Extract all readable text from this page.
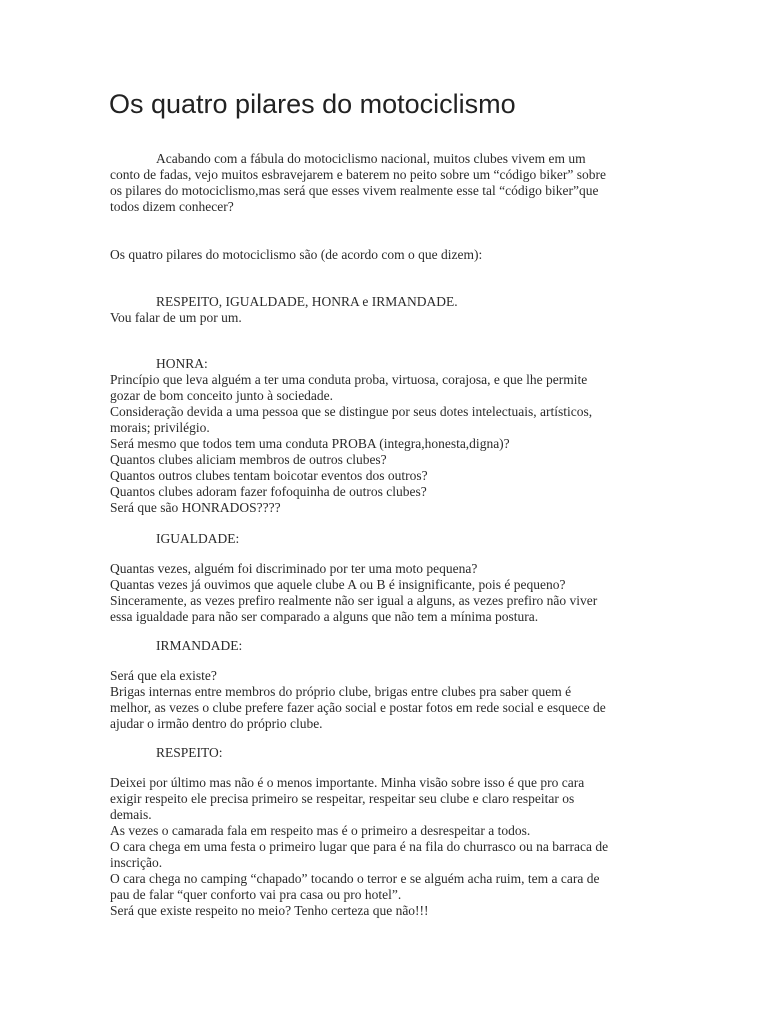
Os quatro pilares do motociclismo
Acabando com a fábula do motociclismo nacional, muitos clubes vivem em um
conto de fadas, vejo muitos esbravejarem e baterem no peito sobre um “código biker” sobre
os pilares do motociclismo,mas será que esses vivem realmente esse tal “código biker”que
todos dizem conhecer?
Os quatro pilares do motociclismo são (de acordo com o que dizem):
RESPEITO, IGUALDADE, HONRA e IRMANDADE.
Vou falar de um por um.
HONRA:
Princípio que leva alguém a ter uma conduta proba, virtuosa, corajosa, e que lhe permite
gozar de bom conceito junto à sociedade.
Consideração devida a uma pessoa que se distingue por seus dotes intelectuais, artísticos,
morais; privilégio.
Será mesmo que todos tem uma conduta PROBA (integra,honesta,digna)?
Quantos clubes aliciam membros de outros clubes?
Quantos outros clubes tentam boicotar eventos dos outros?
Quantos clubes adoram fazer fofoquinha de outros clubes?
Será que são HONRADOS????
IGUALDADE:
Quantas vezes, alguém foi discriminado por ter uma moto pequena?
Quantas vezes já ouvimos que aquele clube A ou B é insignificante, pois é pequeno?
Sinceramente, as vezes prefiro realmente não ser igual a alguns, as vezes prefiro não viver
essa igualdade para não ser comparado a alguns que não tem a mínima postura.
IRMANDADE:
Será que ela existe?
Brigas internas entre membros do próprio clube, brigas entre clubes pra saber quem é
melhor, as vezes o clube prefere fazer ação social e postar fotos em rede social e esquece de
ajudar o irmão dentro do próprio clube.
RESPEITO:
Deixei por último mas não é o menos importante. Minha visão sobre isso é que pro cara
exigir respeito ele precisa primeiro se respeitar, respeitar seu clube e claro respeitar os
demais.
As vezes o camarada fala em respeito mas é o primeiro a desrespeitar a todos.
O cara chega em uma festa o primeiro lugar que para é na fila do churrasco ou na barraca de
inscrição.
O cara chega no camping “chapado” tocando o terror e se alguém acha ruim, tem a cara de
pau de falar “quer conforto vai pra casa ou pro hotel”.
Será que existe respeito no meio? Tenho certeza que não!!!
